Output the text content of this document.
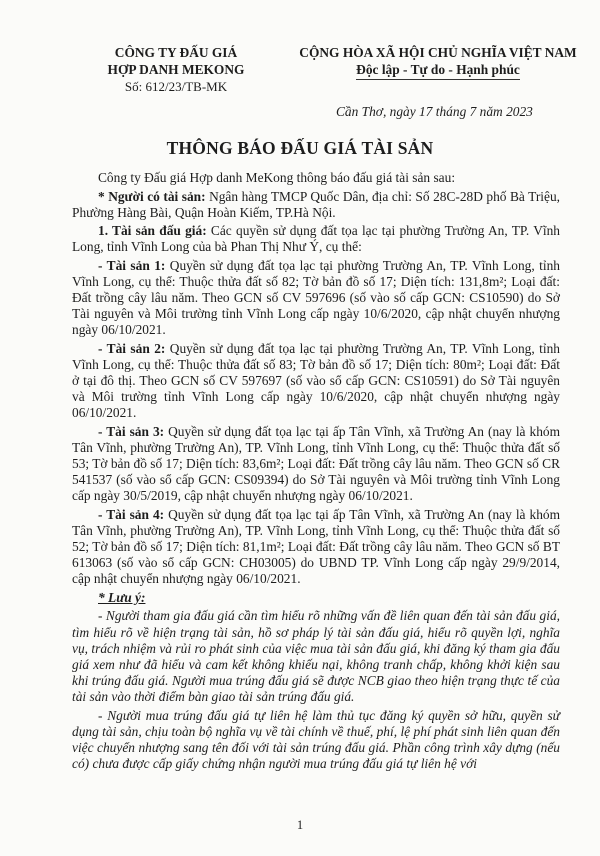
CÔNG TY ĐẤU GIÁ
HỢP DANH MEKONG
Số: 612/23/TB-MK
CỘNG HÒA XÃ HỘI CHỦ NGHĨA VIỆT NAM
Độc lập - Tự do - Hạnh phúc
Cần Thơ, ngày 17 tháng 7 năm 2023
THÔNG BÁO ĐẤU GIÁ TÀI SẢN

Công ty Đấu giá Hợp danh MeKong thông báo đấu giá tài sản sau:

* Người có tài sản: Ngân hàng TMCP Quốc Dân, địa chỉ: Số 28C-28D phố Bà Triệu, Phường Hàng Bài, Quận Hoàn Kiếm, TP.Hà Nội.

1. Tài sản đấu giá: Các quyền sử dụng đất tọa lạc tại phường Trường An, TP. Vĩnh Long, tỉnh Vĩnh Long của bà Phan Thị Như Ý, cụ thể:

- Tài sản 1: Quyền sử dụng đất tọa lạc tại phường Trường An, TP. Vĩnh Long, tỉnh Vĩnh Long, cụ thể: Thuộc thửa đất số 82; Tờ bản đồ số 17; Diện tích: 131,8m²; Loại đất: Đất trồng cây lâu năm. Theo GCN số CV 597696 (số vào số cấp GCN: CS10590) do Sở Tài nguyên và Môi trường tỉnh Vĩnh Long cấp ngày 10/6/2020, cập nhật chuyển nhượng ngày 06/10/2021.

- Tài sản 2: Quyền sử dụng đất tọa lạc tại phường Trường An, TP. Vĩnh Long, tỉnh Vĩnh Long, cụ thể: Thuộc thửa đất số 83; Tờ bản đồ số 17; Diện tích: 80m²; Loại đất: Đất ở tại đô thị. Theo GCN số CV 597697 (số vào sổ cấp GCN: CS10591) do Sở Tài nguyên và Môi trường tỉnh Vĩnh Long cấp ngày 10/6/2020, cập nhật chuyển nhượng ngày 06/10/2021.

- Tài sản 3: Quyền sử dụng đất tọa lạc tại ấp Tân Vĩnh, xã Trường An (nay là khóm Tân Vĩnh, phường Trường An), TP. Vĩnh Long, tỉnh Vĩnh Long, cụ thể: Thuộc thửa đất số 53; Tờ bản đồ số 17; Diện tích: 83,6m²; Loại đất: Đất trồng cây lâu năm. Theo GCN số CR 541537 (số vào sổ cấp GCN: CS09394) do Sở Tài nguyên và Môi trường tỉnh Vĩnh Long cấp ngày 30/5/2019, cập nhật chuyển nhượng ngày 06/10/2021.

- Tài sản 4: Quyền sử dụng đất tọa lạc tại ấp Tân Vĩnh, xã Trường An (nay là khóm Tân Vĩnh, phường Trường An), TP. Vĩnh Long, tỉnh Vĩnh Long, cụ thể: Thuộc thửa đất số 52; Tờ bản đồ số 17; Diện tích: 81,1m²; Loại đất: Đất trồng cây lâu năm. Theo GCN số BT 613063 (số vào sổ cấp GCN: CH03005) do UBND TP. Vĩnh Long cấp ngày 29/9/2014, cập nhật chuyển nhượng ngày 06/10/2021.

* Lưu ý:

- Người tham gia đấu giá cần tìm hiểu rõ những vấn đề liên quan đến tài sản đấu giá, tìm hiểu rõ về hiện trạng tài sản, hồ sơ pháp lý tài sản đấu giá, hiểu rõ quyền lợi, nghĩa vụ, trách nhiệm và rủi ro phát sinh của việc mua tài sản đấu giá, khi đăng ký tham gia đấu giá xem như đã hiểu và cam kết không khiếu nại, không tranh chấp, không khởi kiện sau khi trúng đấu giá. Người mua trúng đấu giá sẽ được NCB giao theo hiện trạng thực tế của tài sản vào thời điểm bàn giao tài sản trúng đấu giá.

- Người mua trúng đấu giá tự liên hệ làm thủ tục đăng ký quyền sở hữu, quyền sử dụng tài sản, chịu toàn bộ nghĩa vụ về tài chính về thuế, phí, lệ phí phát sinh liên quan đến việc chuyển nhượng sang tên đối với tài sản trúng đấu giá. Phần công trình xây dựng (nếu có) chưa được cấp giấy chứng nhận người mua trúng đấu giá tự liên hệ với

1
